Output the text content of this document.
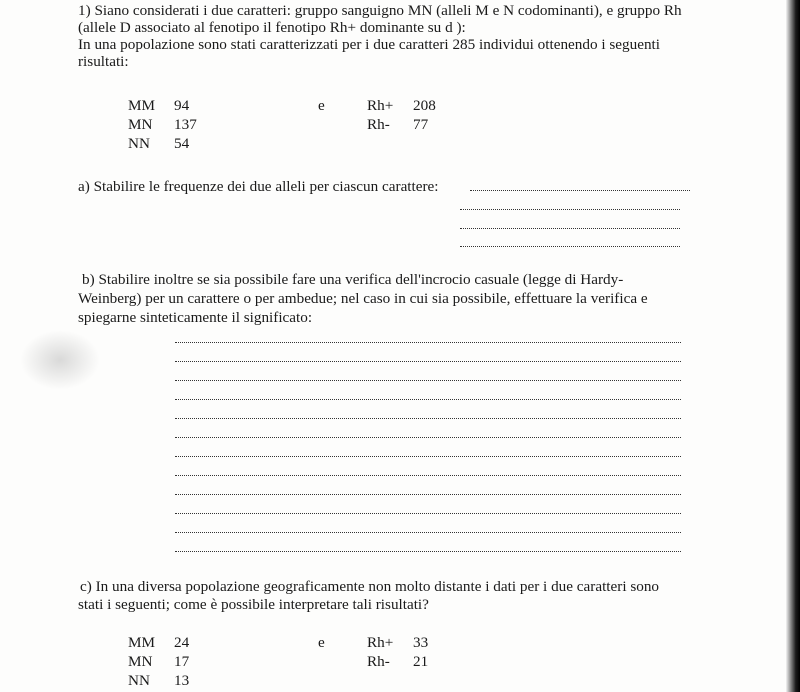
1) Siano considerati i due caratteri: gruppo sanguigno MN (alleli M e N codominanti), e gruppo Rh
(allele D associato al fenotipo il fenotipo Rh+ dominante su d ):
In una popolazione sono stati caratterizzati per i due caratteri 285 individui ottenendo i seguenti
risultati:
MM 94
MN 137
NN 54
e	Rh+ 208
Rh- 77
a) Stabilire le frequenze dei due alleli per ciascun carattere:
b) Stabilire inoltre se sia possibile fare una verifica dell'incrocio casuale (legge di Hardy-
Weinberg) per un carattere o per ambedue; nel caso in cui sia possibile, effettuare la verifica e
spiegarne sinteticamente il significato:
c) In una diversa popolazione geograficamente non molto distante i dati per i due caratteri sono
stati i seguenti; come è possibile interpretare tali risultati?
MM 24
MN 17
NN 13
e	Rh+ 33
Rh- 21
